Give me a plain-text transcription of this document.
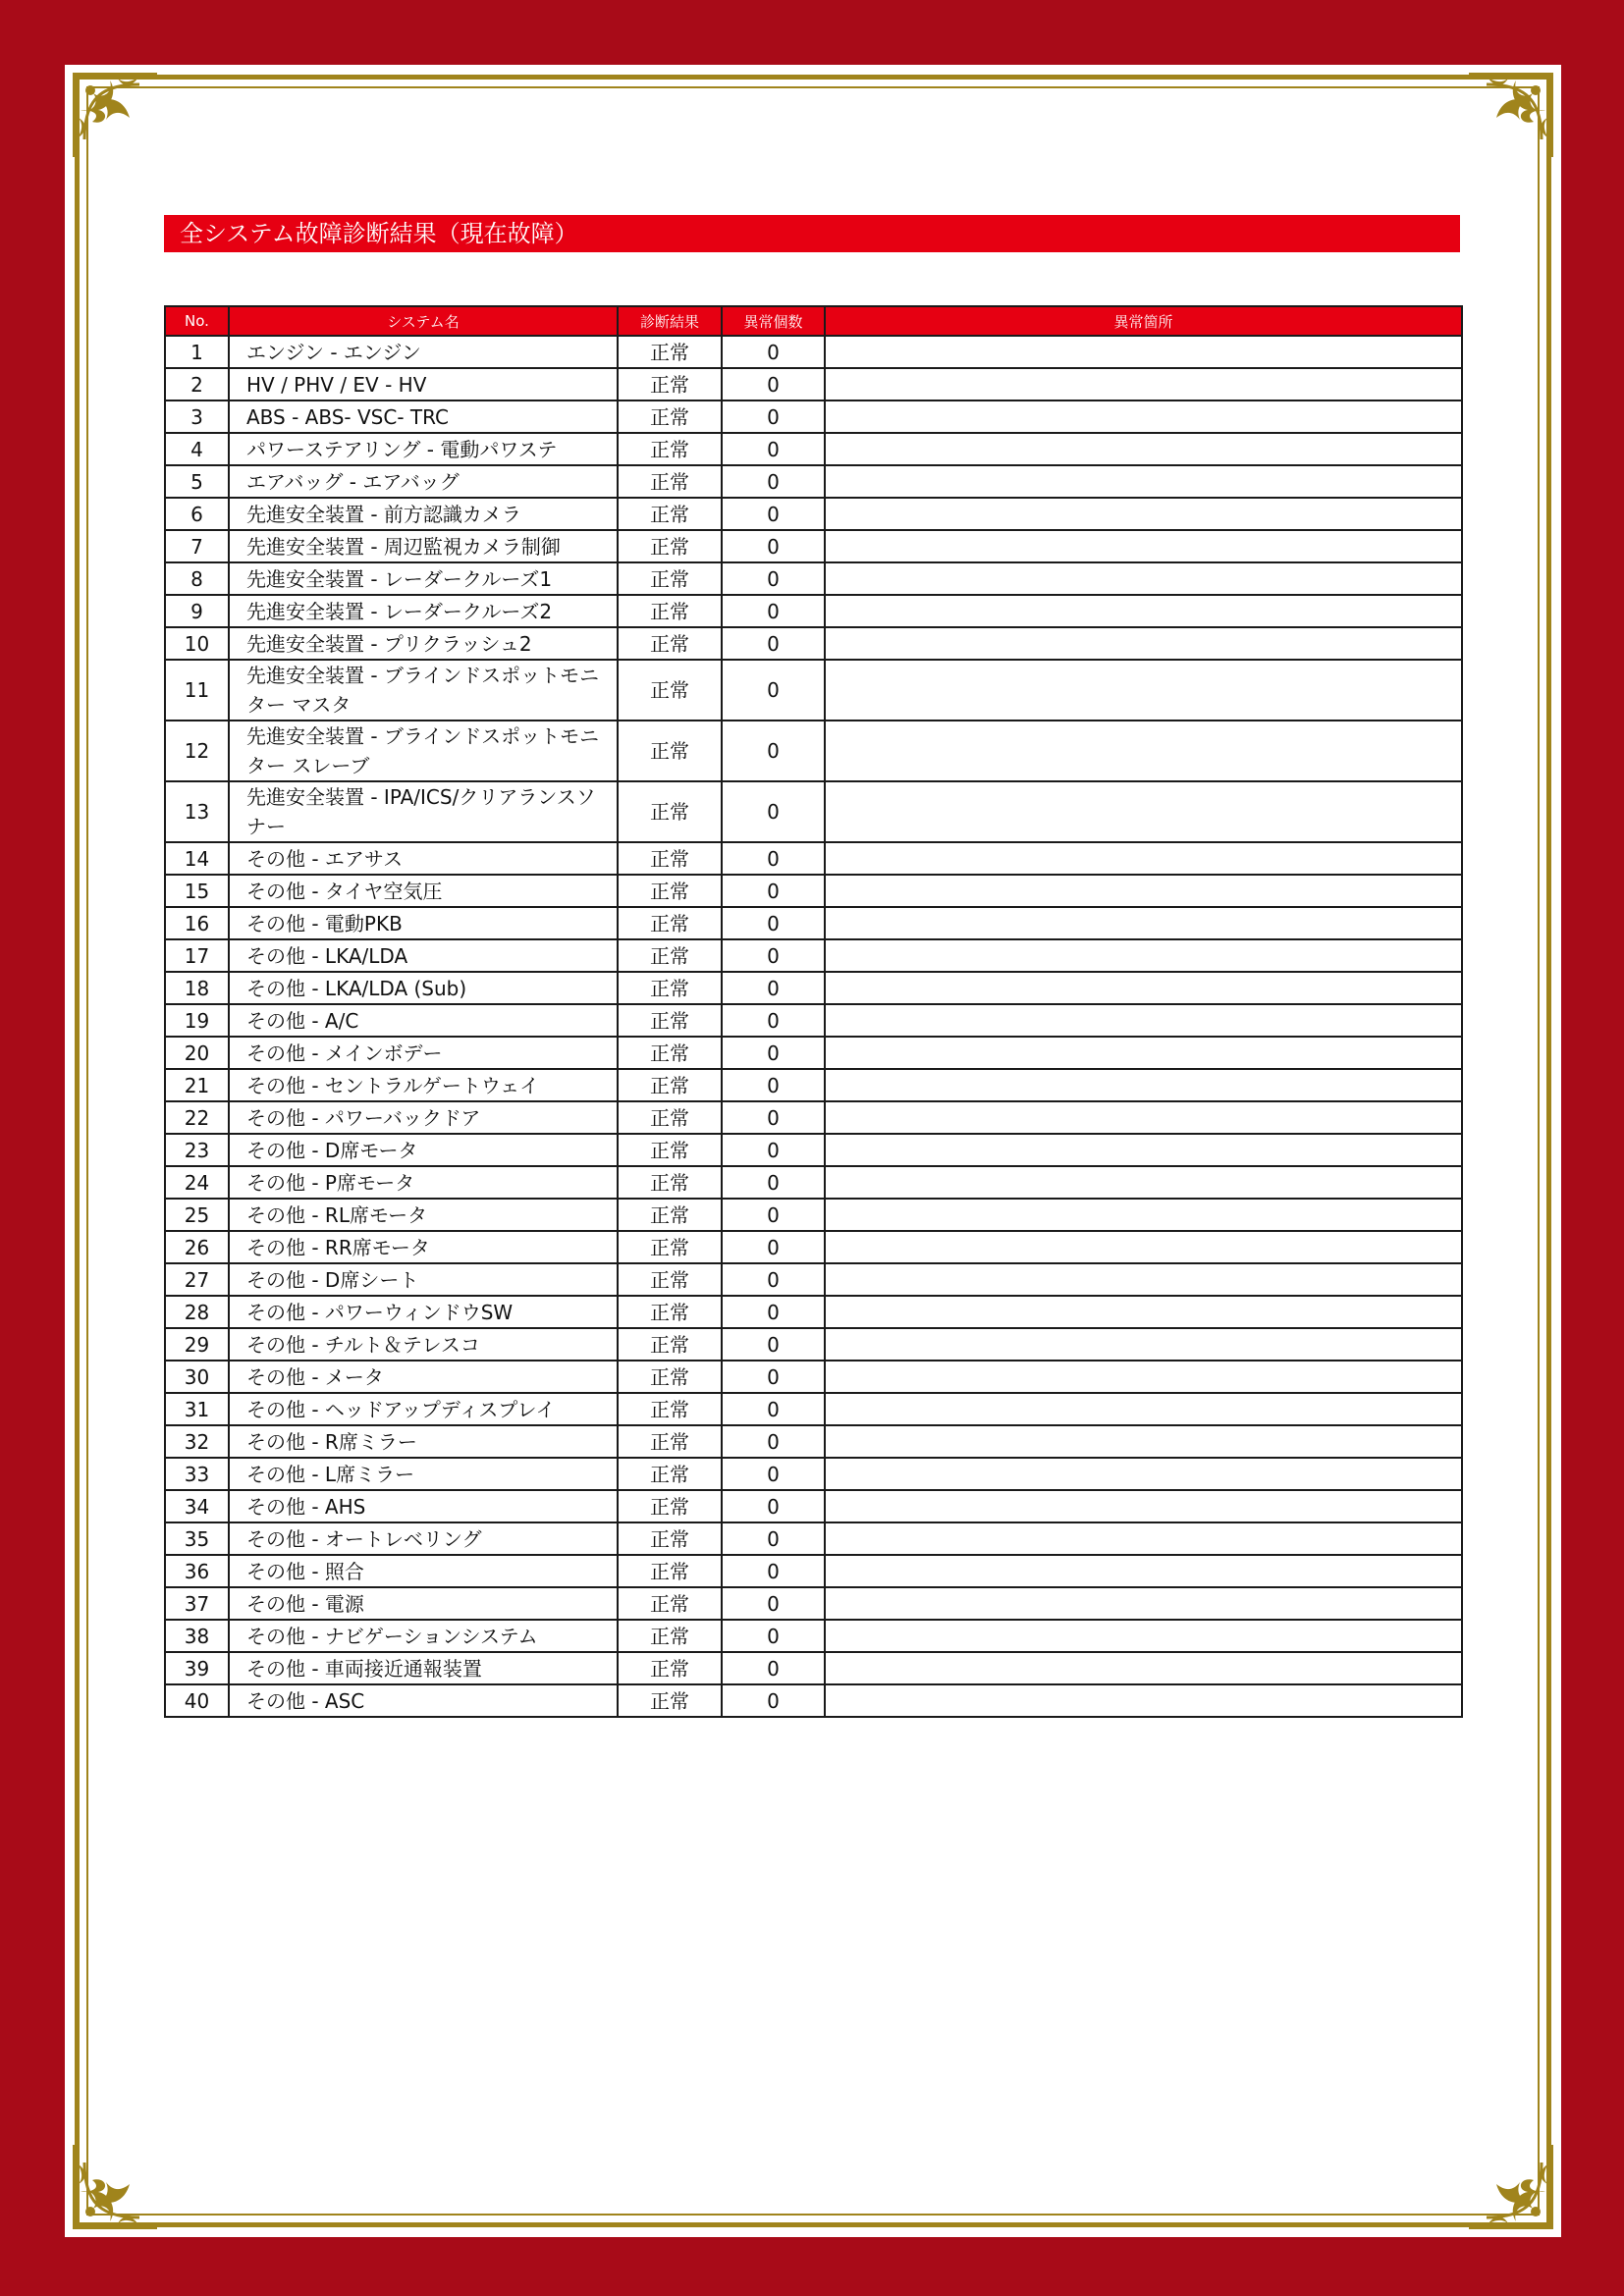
全システム故障診断結果（現在故障）
No.	システム名	診断結果	異常個数	異常箇所
1	エンジン - エンジン	正常	0	
2	HV / PHV / EV - HV	正常	0	
3	ABS - ABS- VSC- TRC	正常	0	
4	パワーステアリング - 電動パワステ	正常	0	
5	エアバッグ - エアバッグ	正常	0	
6	先進安全装置 - 前方認識カメラ	正常	0	
7	先進安全装置 - 周辺監視カメラ制御	正常	0	
8	先進安全装置 - レーダークルーズ1	正常	0	
9	先進安全装置 - レーダークルーズ2	正常	0	
10	先進安全装置 - プリクラッシュ2	正常	0	
11	先進安全装置 - ブラインドスポットモニター マスタ	正常	0	
12	先進安全装置 - ブラインドスポットモニター スレーブ	正常	0	
13	先進安全装置 - IPA/ICS/クリアランスソナー	正常	0	
14	その他 - エアサス	正常	0	
15	その他 - タイヤ空気圧	正常	0	
16	その他 - 電動PKB	正常	0	
17	その他 - LKA/LDA	正常	0	
18	その他 - LKA/LDA (Sub)	正常	0	
19	その他 - A/C	正常	0	
20	その他 - メインボデー	正常	0	
21	その他 - セントラルゲートウェイ	正常	0	
22	その他 - パワーバックドア	正常	0	
23	その他 - D席モータ	正常	0	
24	その他 - P席モータ	正常	0	
25	その他 - RL席モータ	正常	0	
26	その他 - RR席モータ	正常	0	
27	その他 - D席シート	正常	0	
28	その他 - パワーウィンドウSW	正常	0	
29	その他 - チルト＆テレスコ	正常	0	
30	その他 - メータ	正常	0	
31	その他 - ヘッドアップディスプレイ	正常	0	
32	その他 - R席ミラー	正常	0	
33	その他 - L席ミラー	正常	0	
34	その他 - AHS	正常	0	
35	その他 - オートレベリング	正常	0	
36	その他 - 照合	正常	0	
37	その他 - 電源	正常	0	
38	その他 - ナビゲーションシステム	正常	0	
39	その他 - 車両接近通報装置	正常	0	
40	その他 - ASC	正常	0	
